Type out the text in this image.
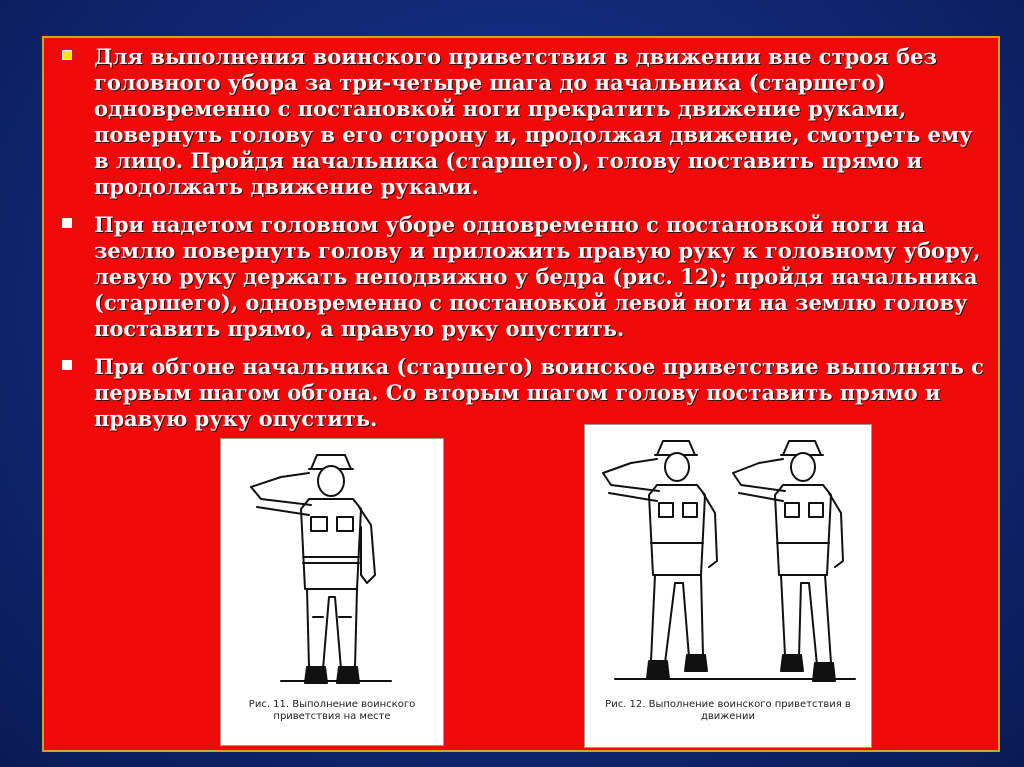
Для выполнения воинского приветствия в движении вне строя без головного убора за три-четыре шага до начальника (старшего) одновременно с постановкой ноги прекратить движение руками, повернуть голову в его сторону и, продолжая движение, смотреть ему в лицо. Пройдя начальника (старшего), голову поставить прямо и продолжать движение руками.
При надетом головном уборе одновременно с постановкой ноги на землю повернуть голову и приложить правую руку к головному убору, левую руку держать неподвижно у бедра (рис. 12); пройдя начальника (старшего), одновременно с постановкой левой ноги на землю голову поставить прямо, а правую руку опустить.
При обгоне начальника (старшего) воинское приветствие выполнять с первым шагом обгона. Со вторым шагом голову поставить прямо и правую руку опустить.
Рис. 11. Выполнение воинского приветствия на месте
Рис. 12. Выполнение воинского приветствия в движении
